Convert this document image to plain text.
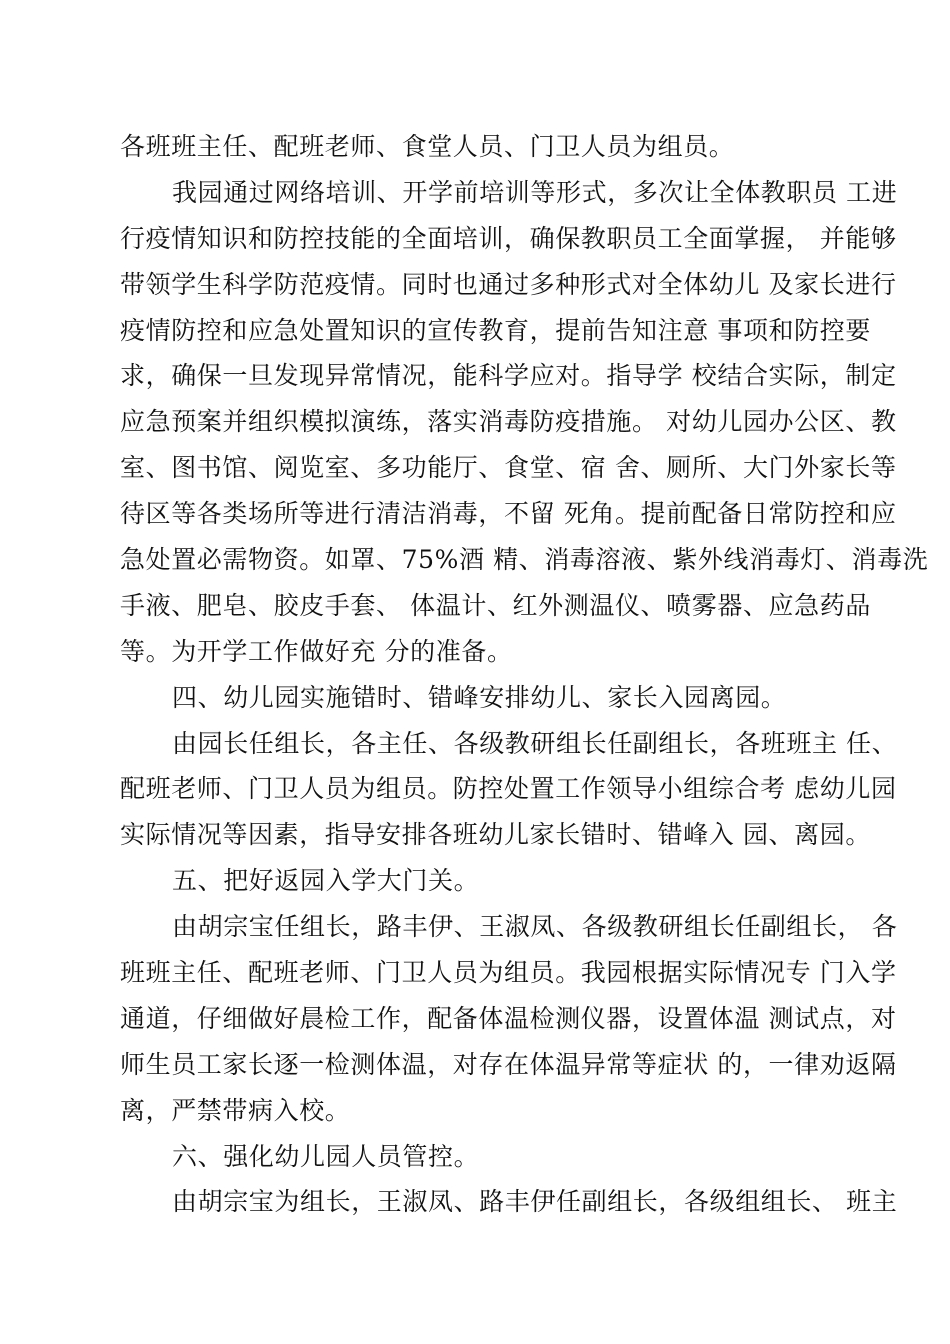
各班班主任、配班老师、食堂人员、门卫人员为组员。
我园通过网络培训、开学前培训等形式，多次让全体教职员 工进
行疫情知识和防控技能的全面培训，确保教职员工全面掌握， 并能够
带领学生科学防范疫情。同时也通过多种形式对全体幼儿 及家长进行
疫情防控和应急处置知识的宣传教育，提前告知注意 事项和防控要
求，确保一旦发现异常情况，能科学应对。指导学 校结合实际，制定
应急预案并组织模拟演练，落实消毒防疫措施。 对幼儿园办公区、教
室、图书馆、阅览室、多功能厅、食堂、宿 舍、厕所、大门外家长等
待区等各类场所等进行清洁消毒，不留 死角。提前配备日常防控和应
急处置必需物资。如罩、75%酒 精、消毒溶液、紫外线消毒灯、消毒洗
手液、肥皂、胶皮手套、 体温计、红外测温仪、喷雾器、应急药品
等。为开学工作做好充 分的准备。
四、幼儿园实施错时、错峰安排幼儿、家长入园离园。
由园长任组长，各主任、各级教研组长任副组长，各班班主 任、
配班老师、门卫人员为组员。防控处置工作领导小组综合考 虑幼儿园
实际情况等因素，指导安排各班幼儿家长错时、错峰入 园、离园。
五、把好返园入学大门关。
由胡宗宝任组长，路丰伊、王淑凤、各级教研组长任副组长， 各
班班主任、配班老师、门卫人员为组员。我园根据实际情况专 门入学
通道，仔细做好晨检工作，配备体温检测仪器，设置体温 测试点，对
师生员工家长逐一检测体温，对存在体温异常等症状 的，一律劝返隔
离，严禁带病入校。
六、强化幼儿园人员管控。
由胡宗宝为组长，王淑凤、路丰伊任副组长，各级组组长、 班主
